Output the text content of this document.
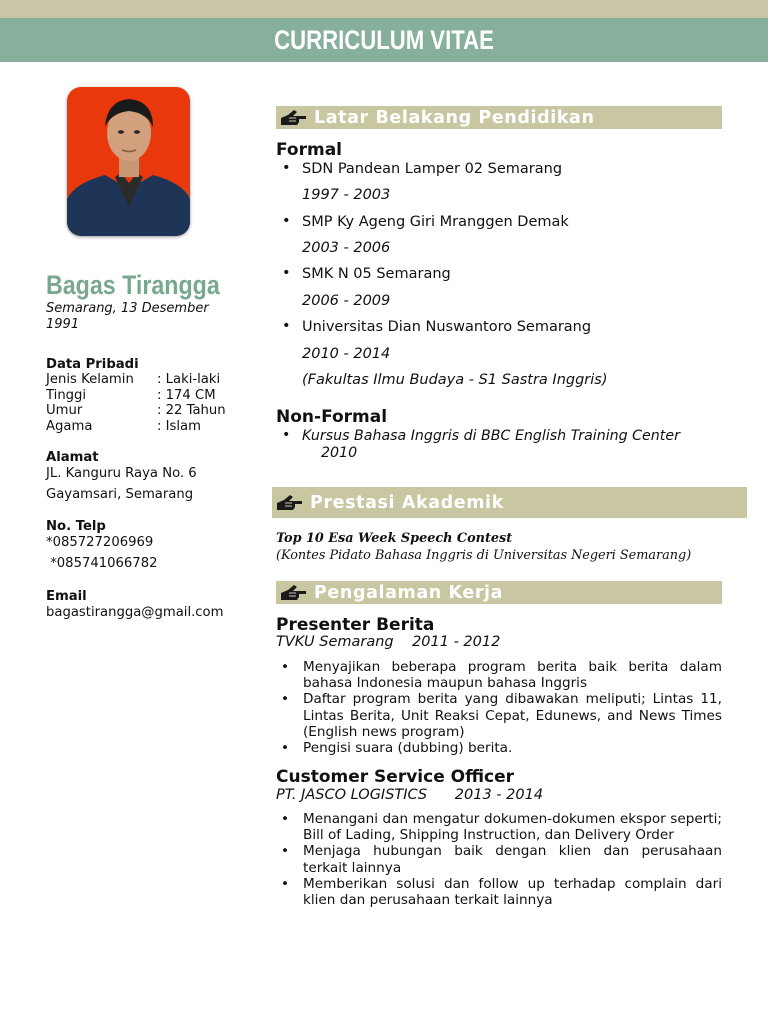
CURRICULUM VITAE
Bagas Tirangga
Semarang, 13 Desember
1991
Data Pribadi
Jenis Kelamin	: Laki-laki
Tinggi	: 174 CM
Umur	: 22 Tahun
Agama	: Islam
Alamat
JL. Kanguru Raya No. 6
Gayamsari, Semarang
No. Telp
*085727206969
*085741066782
Email
bagastirangga@gmail.com
Latar Belakang Pendidikan
Formal
• SDN Pandean Lamper 02 Semarang
1997 - 2003
• SMP Ky Ageng Giri Mranggen Demak
2003 - 2006
• SMK N 05 Semarang
2006 - 2009
• Universitas Dian Nuswantoro Semarang
2010 - 2014
(Fakultas Ilmu Budaya - S1 Sastra Inggris)
Non-Formal
• Kursus Bahasa Inggris di BBC English Training Center
2010
Prestasi Akademik
Top 10 Esa Week Speech Contest
(Kontes Pidato Bahasa Inggris di Universitas Negeri Semarang)
Pengalaman Kerja
Presenter Berita
TVKU Semarang    2011 - 2012
• Menyajikan beberapa program berita baik berita dalam bahasa Indonesia maupun bahasa Inggris
• Daftar program berita yang dibawakan meliputi; Lintas 11, Lintas Berita, Unit Reaksi Cepat, Edunews, and News Times (English news program)
• Pengisi suara (dubbing) berita.
Customer Service Officer
PT. JASCO LOGISTICS      2013 - 2014
• Menangani dan mengatur dokumen-dokumen ekspor seperti; Bill of Lading, Shipping Instruction, dan Delivery Order
• Menjaga hubungan baik dengan klien dan perusahaan terkait lainnya
• Memberikan solusi dan follow up terhadap complain dari klien dan perusahaan terkait lainnya
